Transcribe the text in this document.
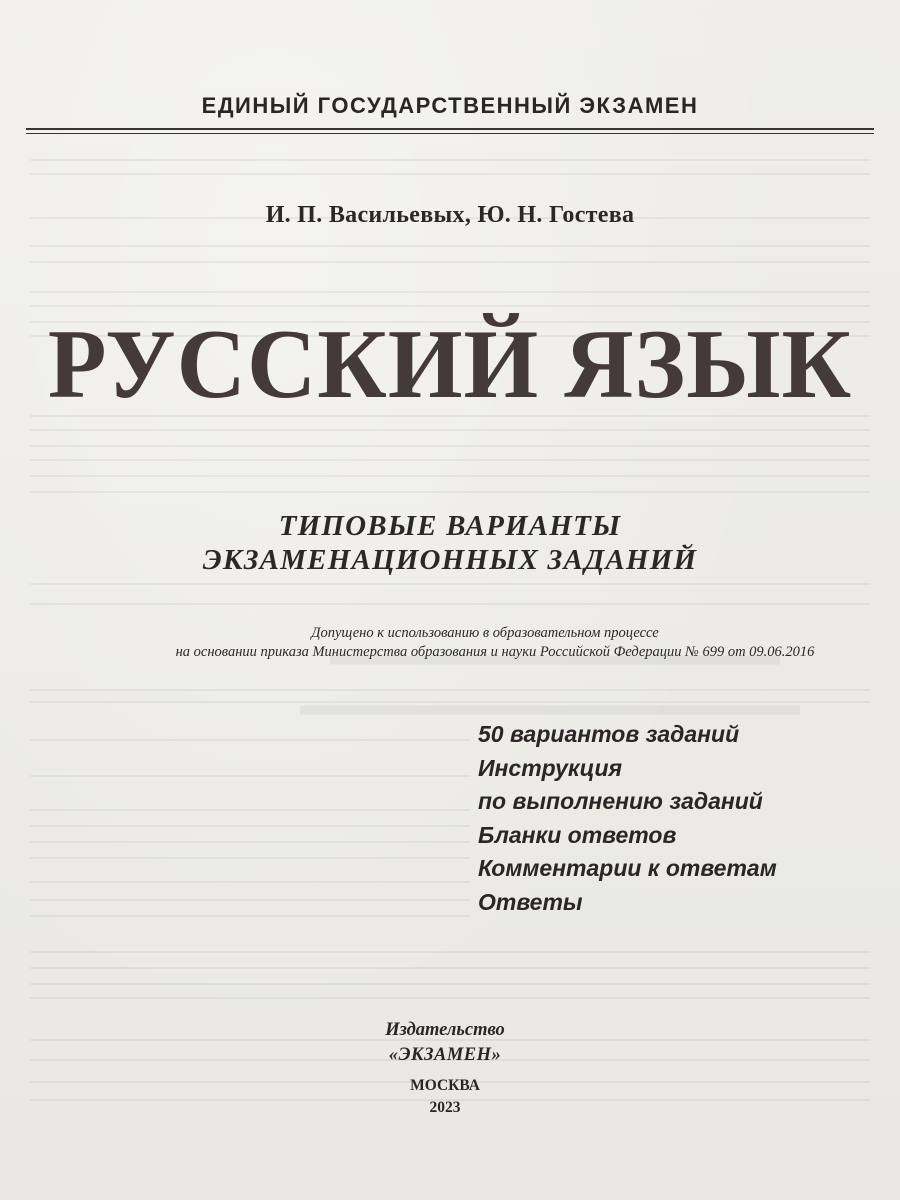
ЕДИНЫЙ ГОСУДАРСТВЕННЫЙ ЭКЗАМЕН
И. П. Васильевых, Ю. Н. Гостева
РУССКИЙ ЯЗЫК
ТИПОВЫЕ ВАРИАНТЫ
ЭКЗАМЕНАЦИОННЫХ ЗАДАНИЙ
Допущено к использованию в образовательном процессе
на основании приказа Министерства образования и науки Российской Федерации № 699 от 09.06.2016
50 вариантов заданий
Инструкция
по выполнению заданий
Бланки ответов
Комментарии к ответам
Ответы
Издательство
«ЭКЗАМЕН»
МОСКВА
2023
